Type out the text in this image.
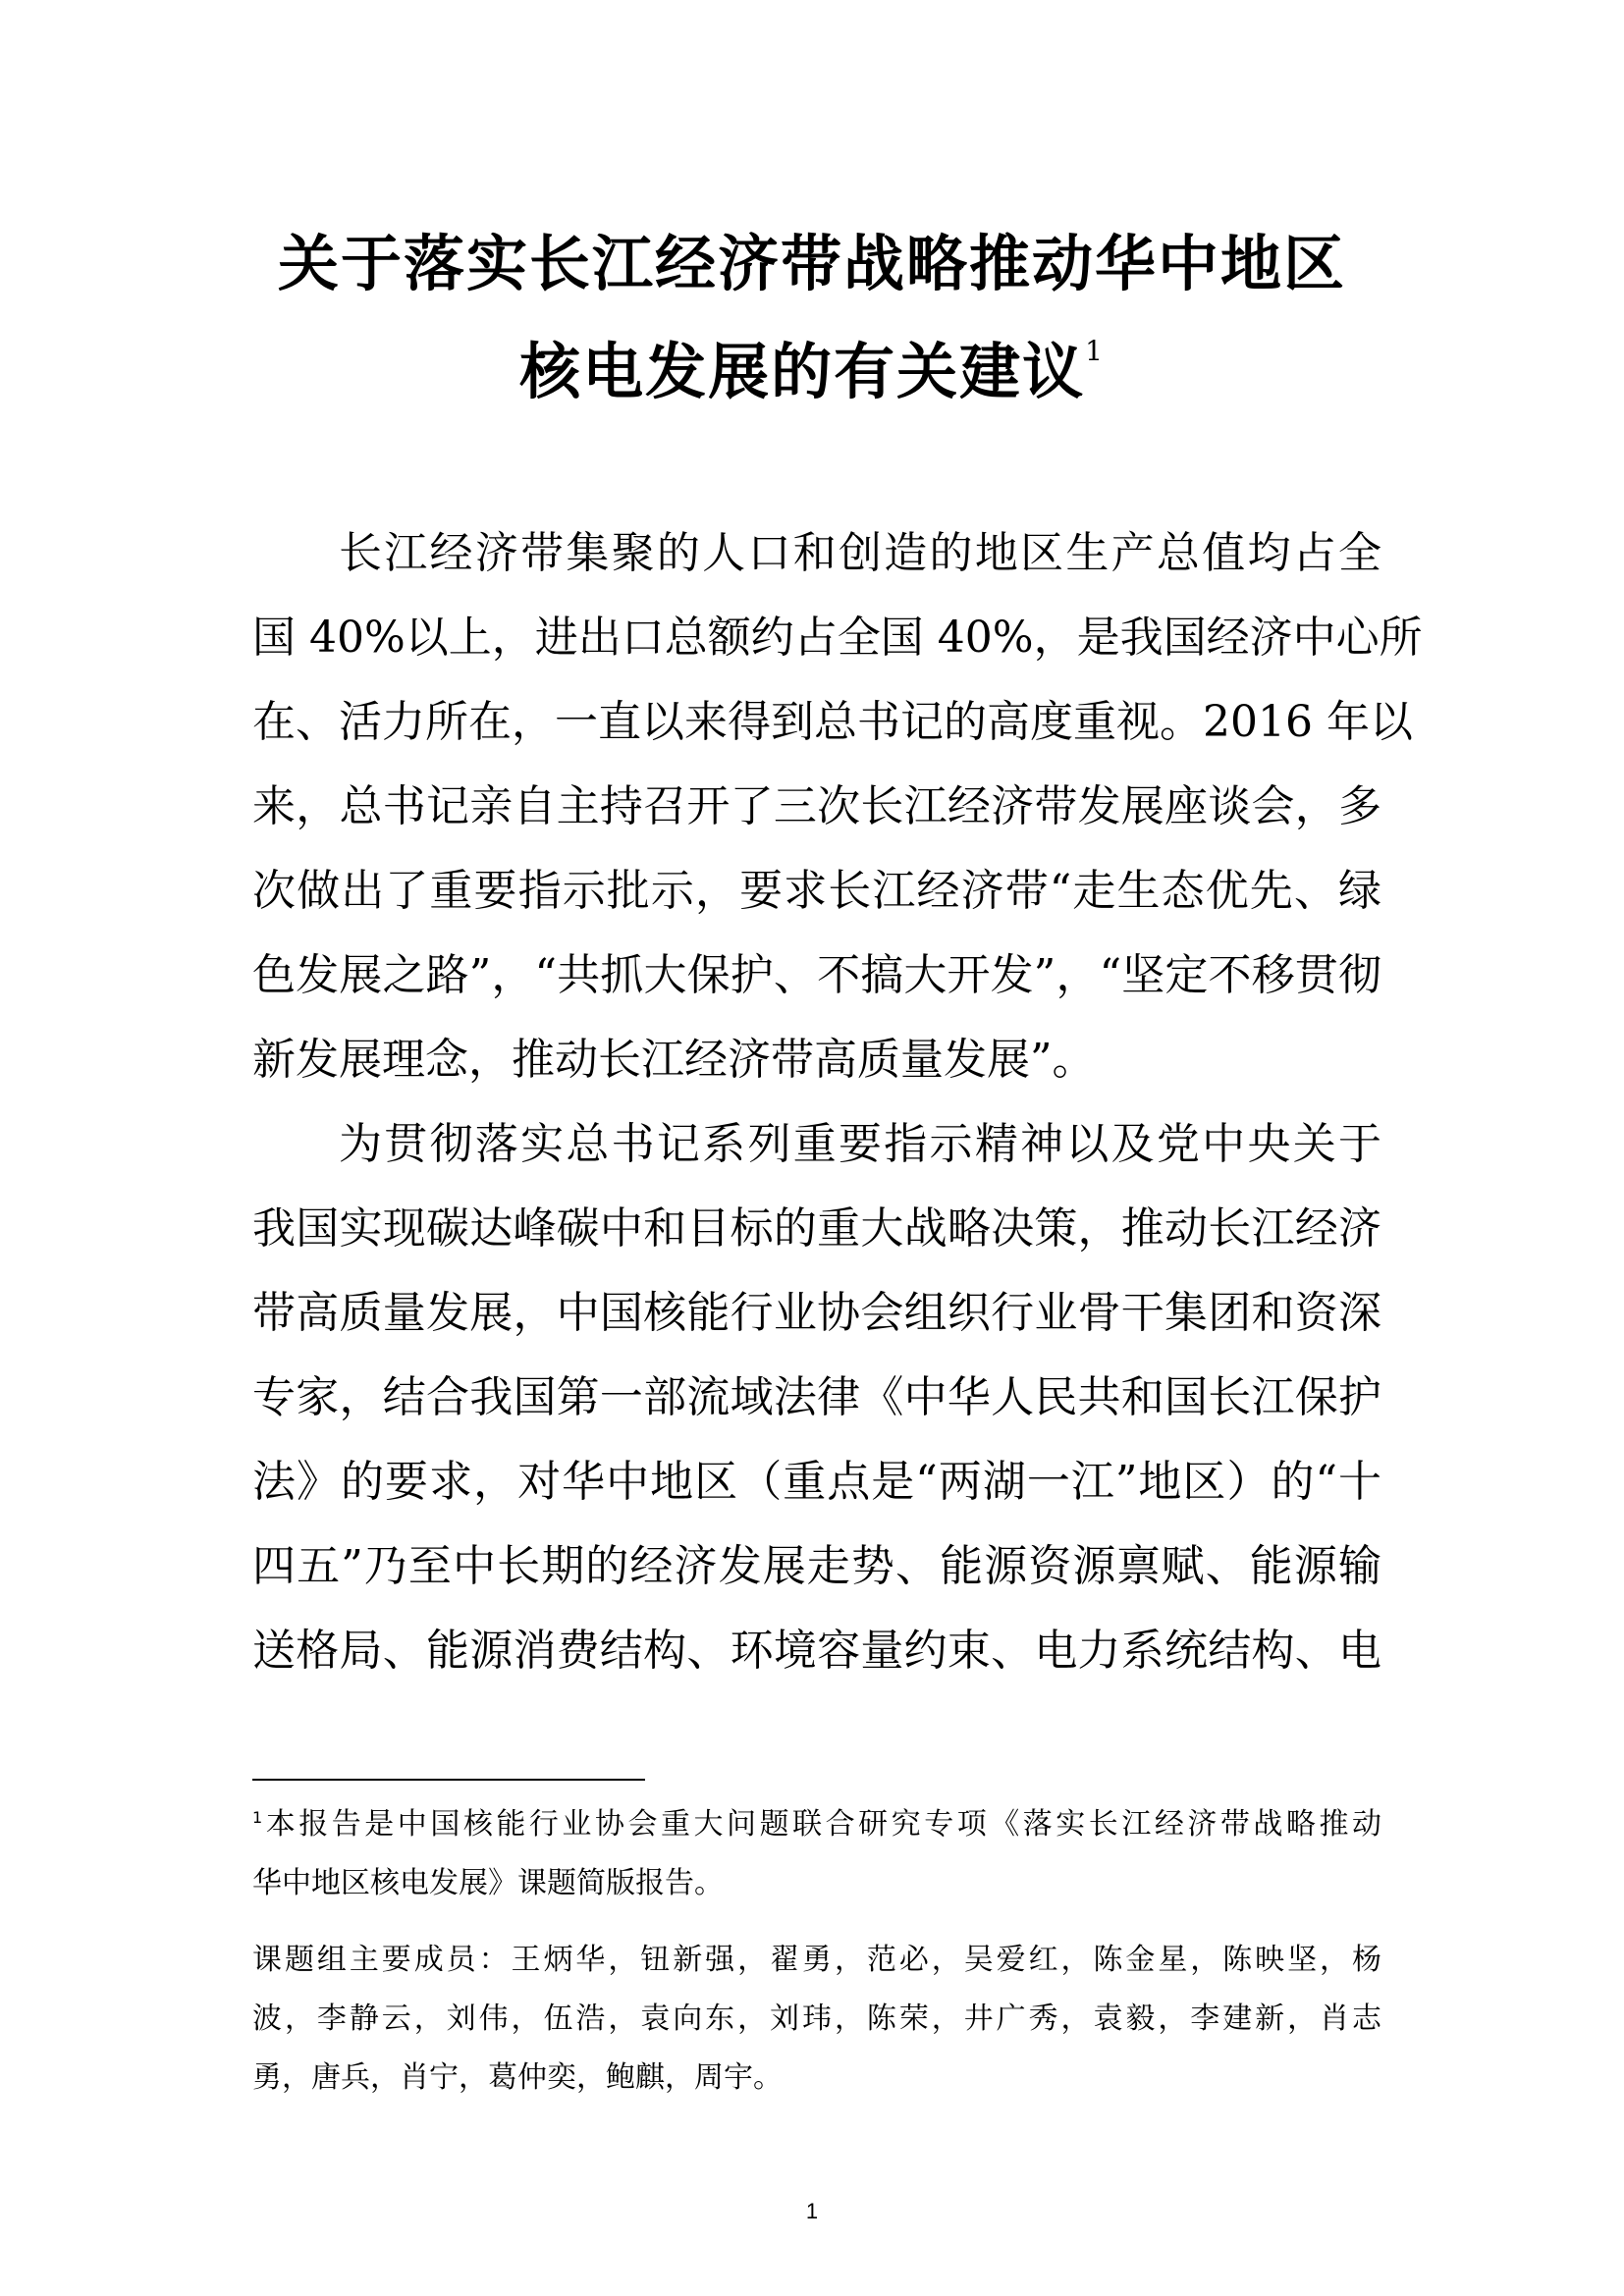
关于落实长江经济带战略推动华中地区
核电发展的有关建议$^1$

长江经济带集聚的人口和创造的地区生产总值均占全

国 40%以上，进出口总额约占全国 40%，是我国经济中心所

在、活力所在，一直以来得到总书记的高度重视。2016 年以

来，总书记亲自主持召开了三次长江经济带发展座谈会，多

次做出了重要指示批示，要求长江经济带“走生态优先、绿

色发展之路”，“共抓大保护、不搞大开发”，“坚定不移贯彻

新发展理念，推动长江经济带高质量发展”。

为贯彻落实总书记系列重要指示精神以及党中央关于

我国实现碳达峰碳中和目标的重大战略决策，推动长江经济

带高质量发展，中国核能行业协会组织行业骨干集团和资深

专家，结合我国第一部流域法律《中华人民共和国长江保护

法》的要求，对华中地区（重点是“两湖一江”地区）的“十

四五”乃至中长期的经济发展走势、能源资源禀赋、能源输

送格局、能源消费结构、环境容量约束、电力系统结构、电

$^1$本报告是中国核能行业协会重大问题联合研究专项《落实长江经济带战略推动

华中地区核电发展》课题简版报告。

课题组主要成员：王炳华，钮新强，翟勇，范必，吴爱红，陈金星，陈映坚，杨

波，李静云，刘伟，伍浩，袁向东，刘玮，陈荣，井广秀，袁毅，李建新，肖志

勇，唐兵，肖宁，葛仲奕，鲍麒，周宇。

1
